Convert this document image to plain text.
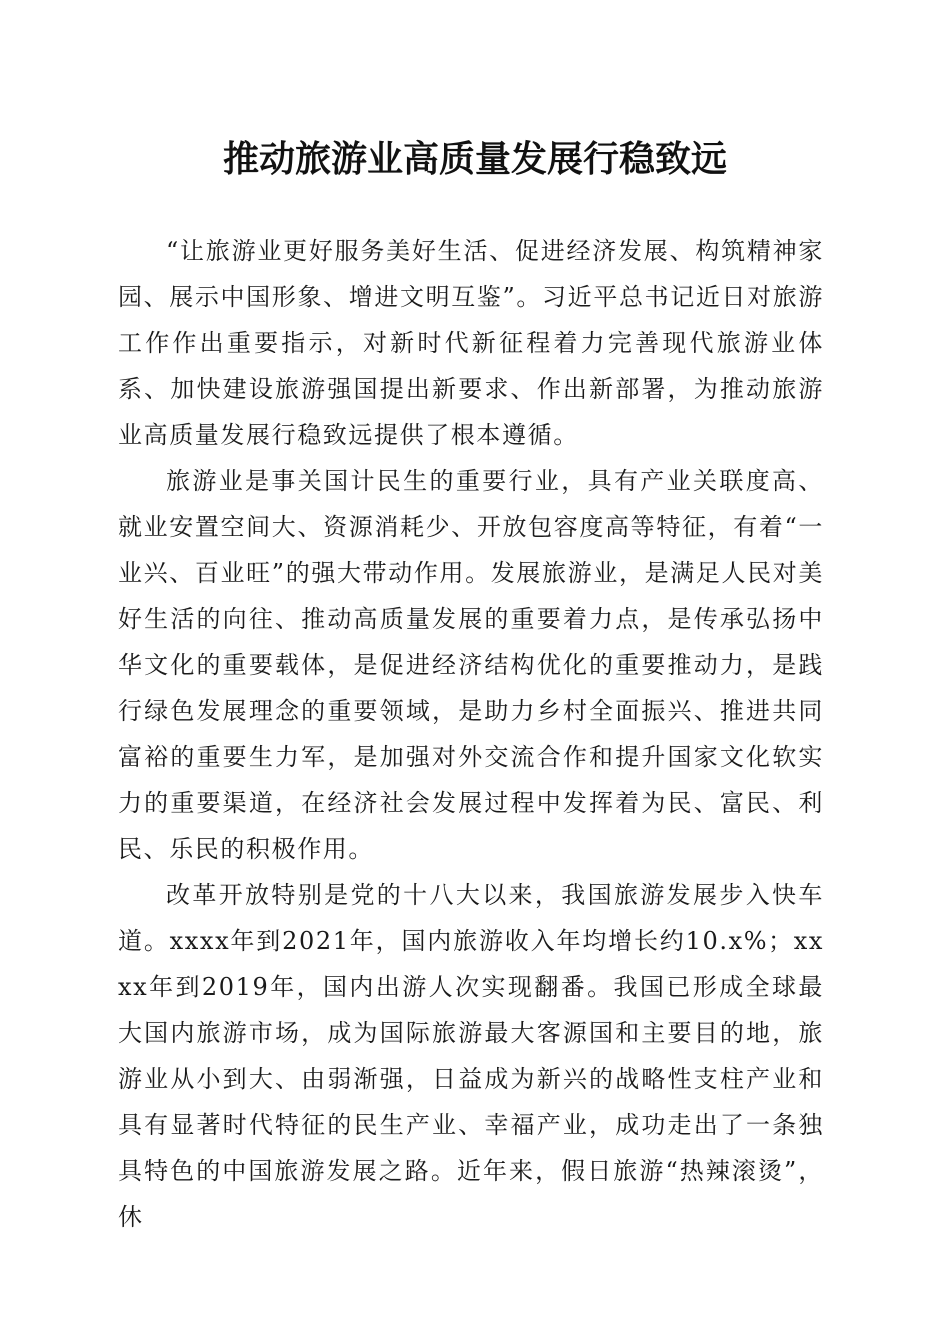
推动旅游业高质量发展行稳致远

“让旅游业更好服务美好生活、促进经济发展、构筑精神家园、展示中国形象、增进文明互鉴”。习近平总书记近日对旅游工作作出重要指示，对新时代新征程着力完善现代旅游业体系、加快建设旅游强国提出新要求、作出新部署，为推动旅游业高质量发展行稳致远提供了根本遵循。

旅游业是事关国计民生的重要行业，具有产业关联度高、就业安置空间大、资源消耗少、开放包容度高等特征，有着“一业兴、百业旺”的强大带动作用。发展旅游业，是满足人民对美好生活的向往、推动高质量发展的重要着力点，是传承弘扬中华文化的重要载体，是促进经济结构优化的重要推动力，是践行绿色发展理念的重要领域，是助力乡村全面振兴、推进共同富裕的重要生力军，是加强对外交流合作和提升国家文化软实力的重要渠道，在经济社会发展过程中发挥着为民、富民、利民、乐民的积极作用。

改革开放特别是党的十八大以来，我国旅游发展步入快车道。xxxx年到2021年，国内旅游收入年均增长约10.x%；xxxx年到2019年，国内出游人次实现翻番。我国已形成全球最大国内旅游市场，成为国际旅游最大客源国和主要目的地，旅游业从小到大、由弱渐强，日益成为新兴的战略性支柱产业和具有显著时代特征的民生产业、幸福产业，成功走出了一条独具特色的中国旅游发展之路。近年来，假日旅游“热辣滚烫”，休
